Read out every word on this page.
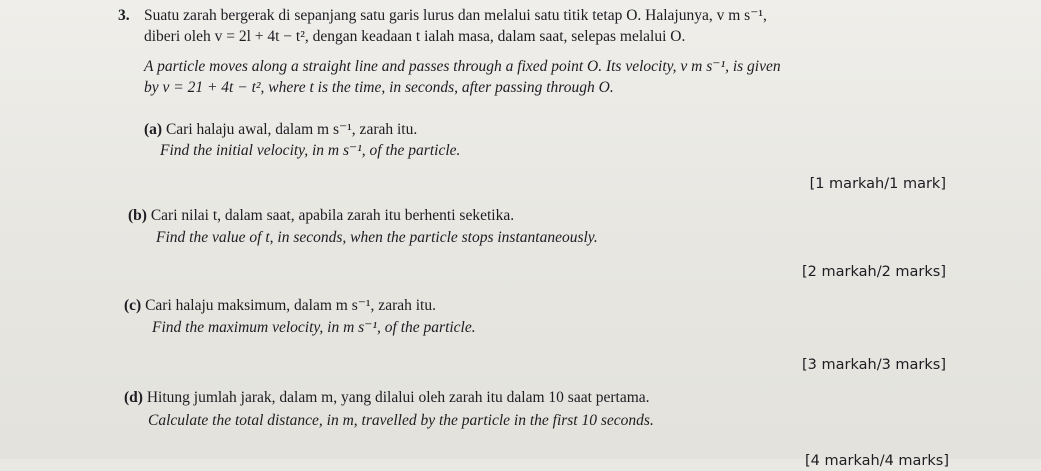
3. Suatu zarah bergerak di sepanjang satu garis lurus dan melalui satu titik tetap O. Halajunya, v m s⁻¹,
diberi oleh v = 2l + 4t − t², dengan keadaan t ialah masa, dalam saat, selepas melalui O.
A particle moves along a straight line and passes through a fixed point O. Its velocity, v m s⁻¹, is given
by v = 21 + 4t − t², where t is the time, in seconds, after passing through O.
(a) Cari halaju awal, dalam m s⁻¹, zarah itu.
Find the initial velocity, in m s⁻¹, of the particle.
[1 markah/1 mark]
(b) Cari nilai t, dalam saat, apabila zarah itu berhenti seketika.
Find the value of t, in seconds, when the particle stops instantaneously.
[2 markah/2 marks]
(c) Cari halaju maksimum, dalam m s⁻¹, zarah itu.
Find the maximum velocity, in m s⁻¹, of the particle.
[3 markah/3 marks]
(d) Hitung jumlah jarak, dalam m, yang dilalui oleh zarah itu dalam 10 saat pertama.
Calculate the total distance, in m, travelled by the particle in the first 10 seconds.
[4 markah/4 marks]
